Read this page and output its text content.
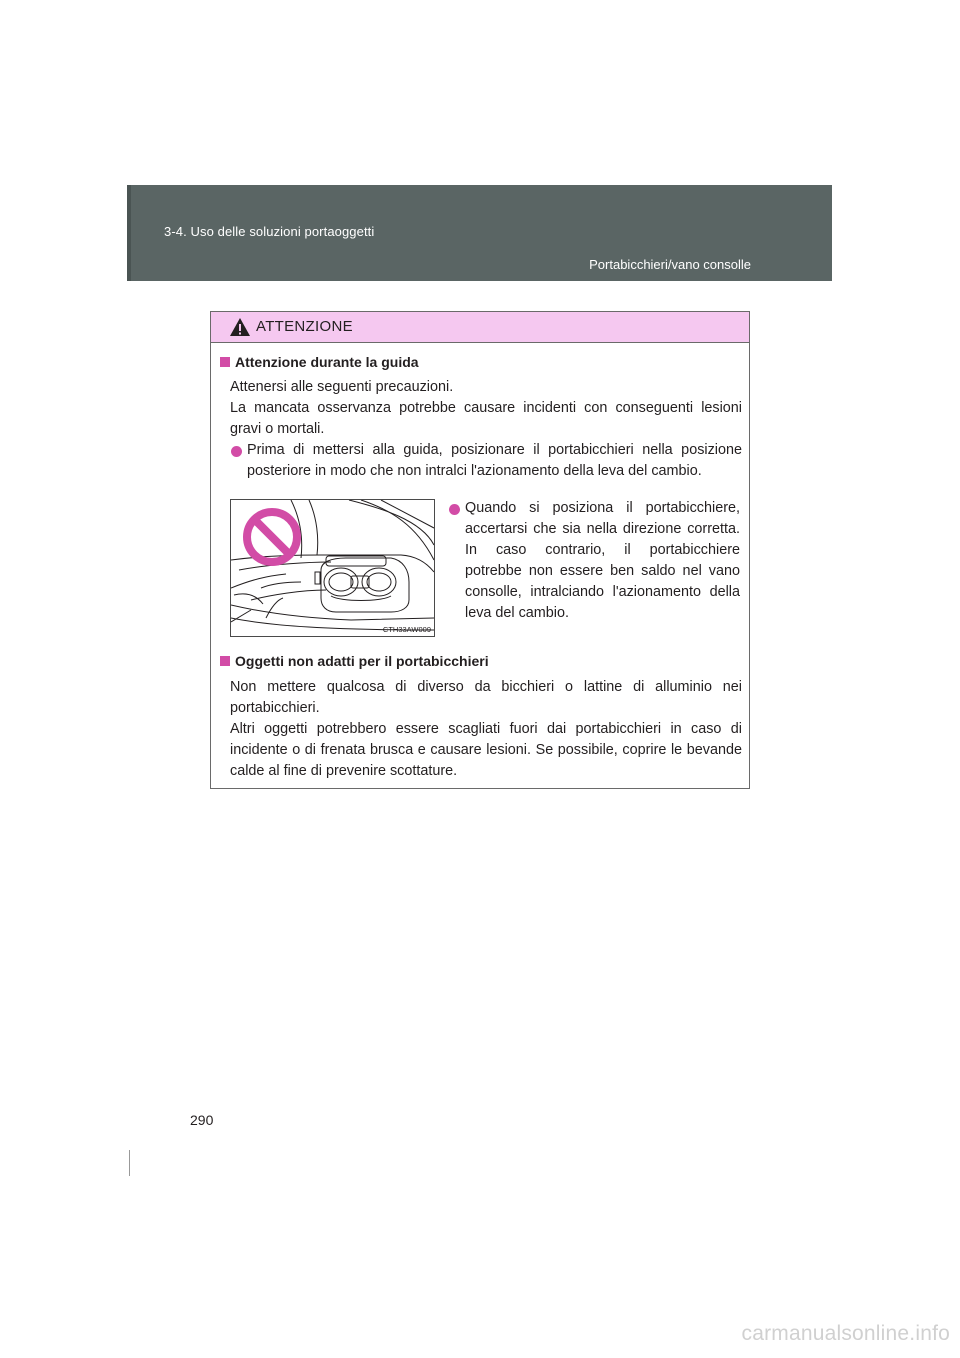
3-4. Uso delle soluzioni portaoggetti
Portabicchieri/vano consolle
ATTENZIONE
Attenzione durante la guida
Attenersi alle seguenti precauzioni.
La mancata osservanza potrebbe causare incidenti con conseguenti lesioni gravi o mortali.
Prima di mettersi alla guida, posizionare il portabicchieri nella posizione posteriore in modo che non intralci l'azionamento della leva del cambio.
CTH33AW009
Quando si posiziona il portabicchiere, accertarsi che sia nella direzione corretta. In caso contrario, il portabicchiere potrebbe non essere ben saldo nel vano consolle, intralciando l'azionamento della leva del cambio.
Oggetti non adatti per il portabicchieri
Non mettere qualcosa di diverso da bicchieri o lattine di alluminio nei portabicchieri.
Altri oggetti potrebbero essere scagliati fuori dai portabicchieri in caso di incidente o di frenata brusca e causare lesioni. Se possibile, coprire le bevande calde al fine di prevenire scottature.
290
carmanualsonline.info
